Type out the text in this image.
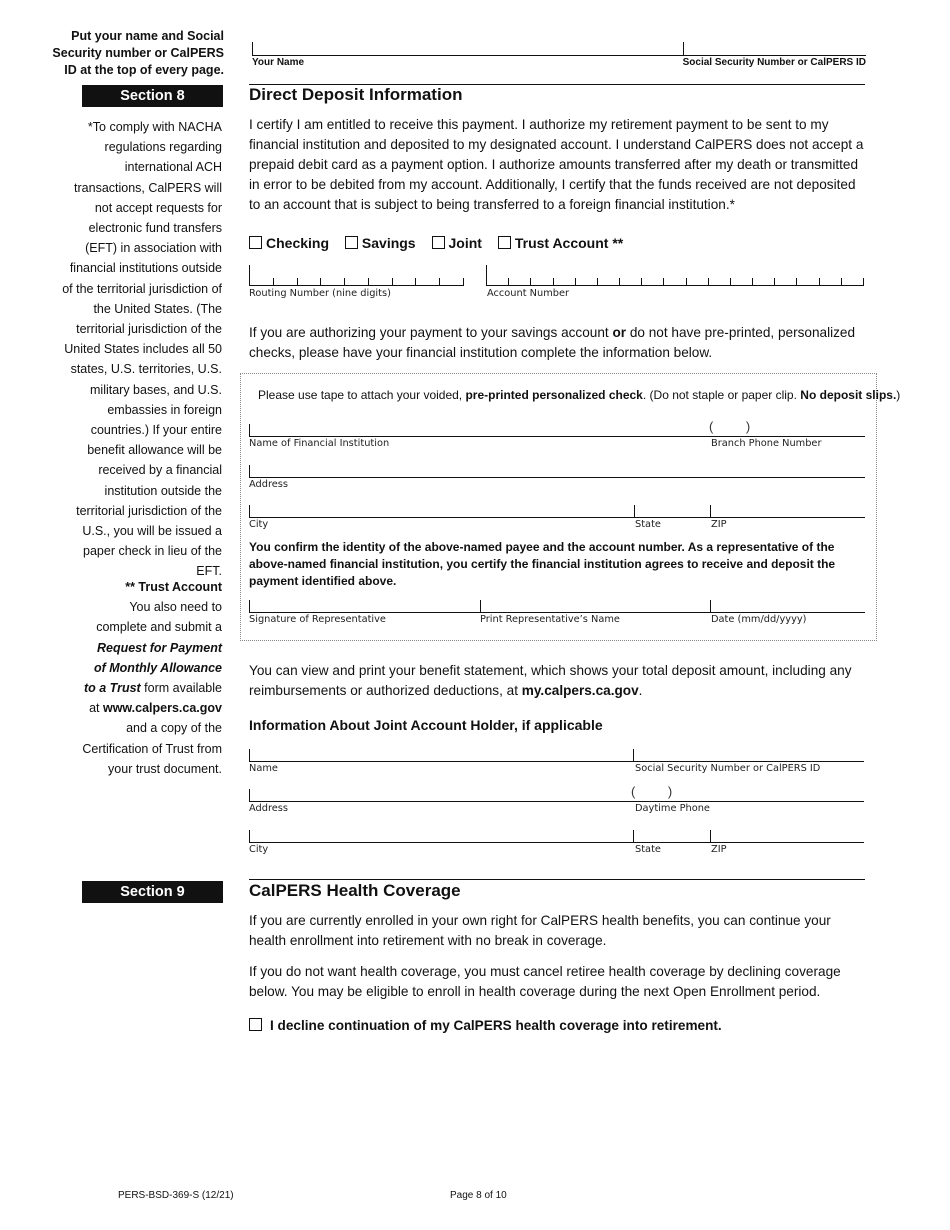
Put your name and Social Security number or CalPERS ID at the top of every page.
Your Name	Social Security Number or CalPERS ID
Section 8	Direct Deposit Information
I certify I am entitled to receive this payment. I authorize my retirement payment to be sent to my financial institution and deposited to my designated account. I understand CalPERS does not accept a prepaid debit card as a payment option. I authorize amounts transferred after my death or transmitted in error to be debited from my account. Additionally, I certify that the funds received are not deposited to an account that is subject to being transferred to a foreign financial institution.*
Checking Savings Joint Trust Account **
Routing Number (nine digits)	Account Number
If you are authorizing your payment to your savings account or do not have pre-printed, personalized checks, please have your financial institution complete the information below.
Please use tape to attach your voided, pre-printed personalized check. (Do not staple or paper clip. No deposit slips.)
(         )
Name of Financial Institution	Branch Phone Number
Address
City	State	ZIP
You confirm the identity of the above-named payee and the account number. As a representative of the above-named financial institution, you certify the financial institution agrees to receive and deposit the payment identified above.
Signature of Representative	Print Representative’s Name	Date (mm/dd/yyyy)
You can view and print your benefit statement, which shows your total deposit amount, including any reimbursements or authorized deductions, at my.calpers.ca.gov.
Information About Joint Account Holder, if applicable
Name	Social Security Number or CalPERS ID
(         )
Address	Daytime Phone
City	State	ZIP
*To comply with NACHA regulations regarding international ACH transactions, CalPERS will not accept requests for electronic fund transfers (EFT) in association with financial institutions outside of the territorial jurisdiction of the United States. (The territorial jurisdiction of the United States includes all 50 states, U.S. territories, U.S. military bases, and U.S. embassies in foreign countries.) If your entire benefit allowance will be received by a financial institution outside the territorial jurisdiction of the U.S., you will be issued a paper check in lieu of the EFT.
** Trust Account
You also need to complete and submit a Request for Payment of Monthly Allowance to a Trust form available at www.calpers.ca.gov and a copy of the Certification of Trust from your trust document.
Section 9	CalPERS Health Coverage
If you are currently enrolled in your own right for CalPERS health benefits, you can continue your health enrollment into retirement with no break in coverage.
If you do not want health coverage, you must cancel retiree health coverage by declining coverage below. You may be eligible to enroll in health coverage during the next Open Enrollment period.
I decline continuation of my CalPERS health coverage into retirement.
PERS-BSD-369-S (12/21)	Page 8 of 10
